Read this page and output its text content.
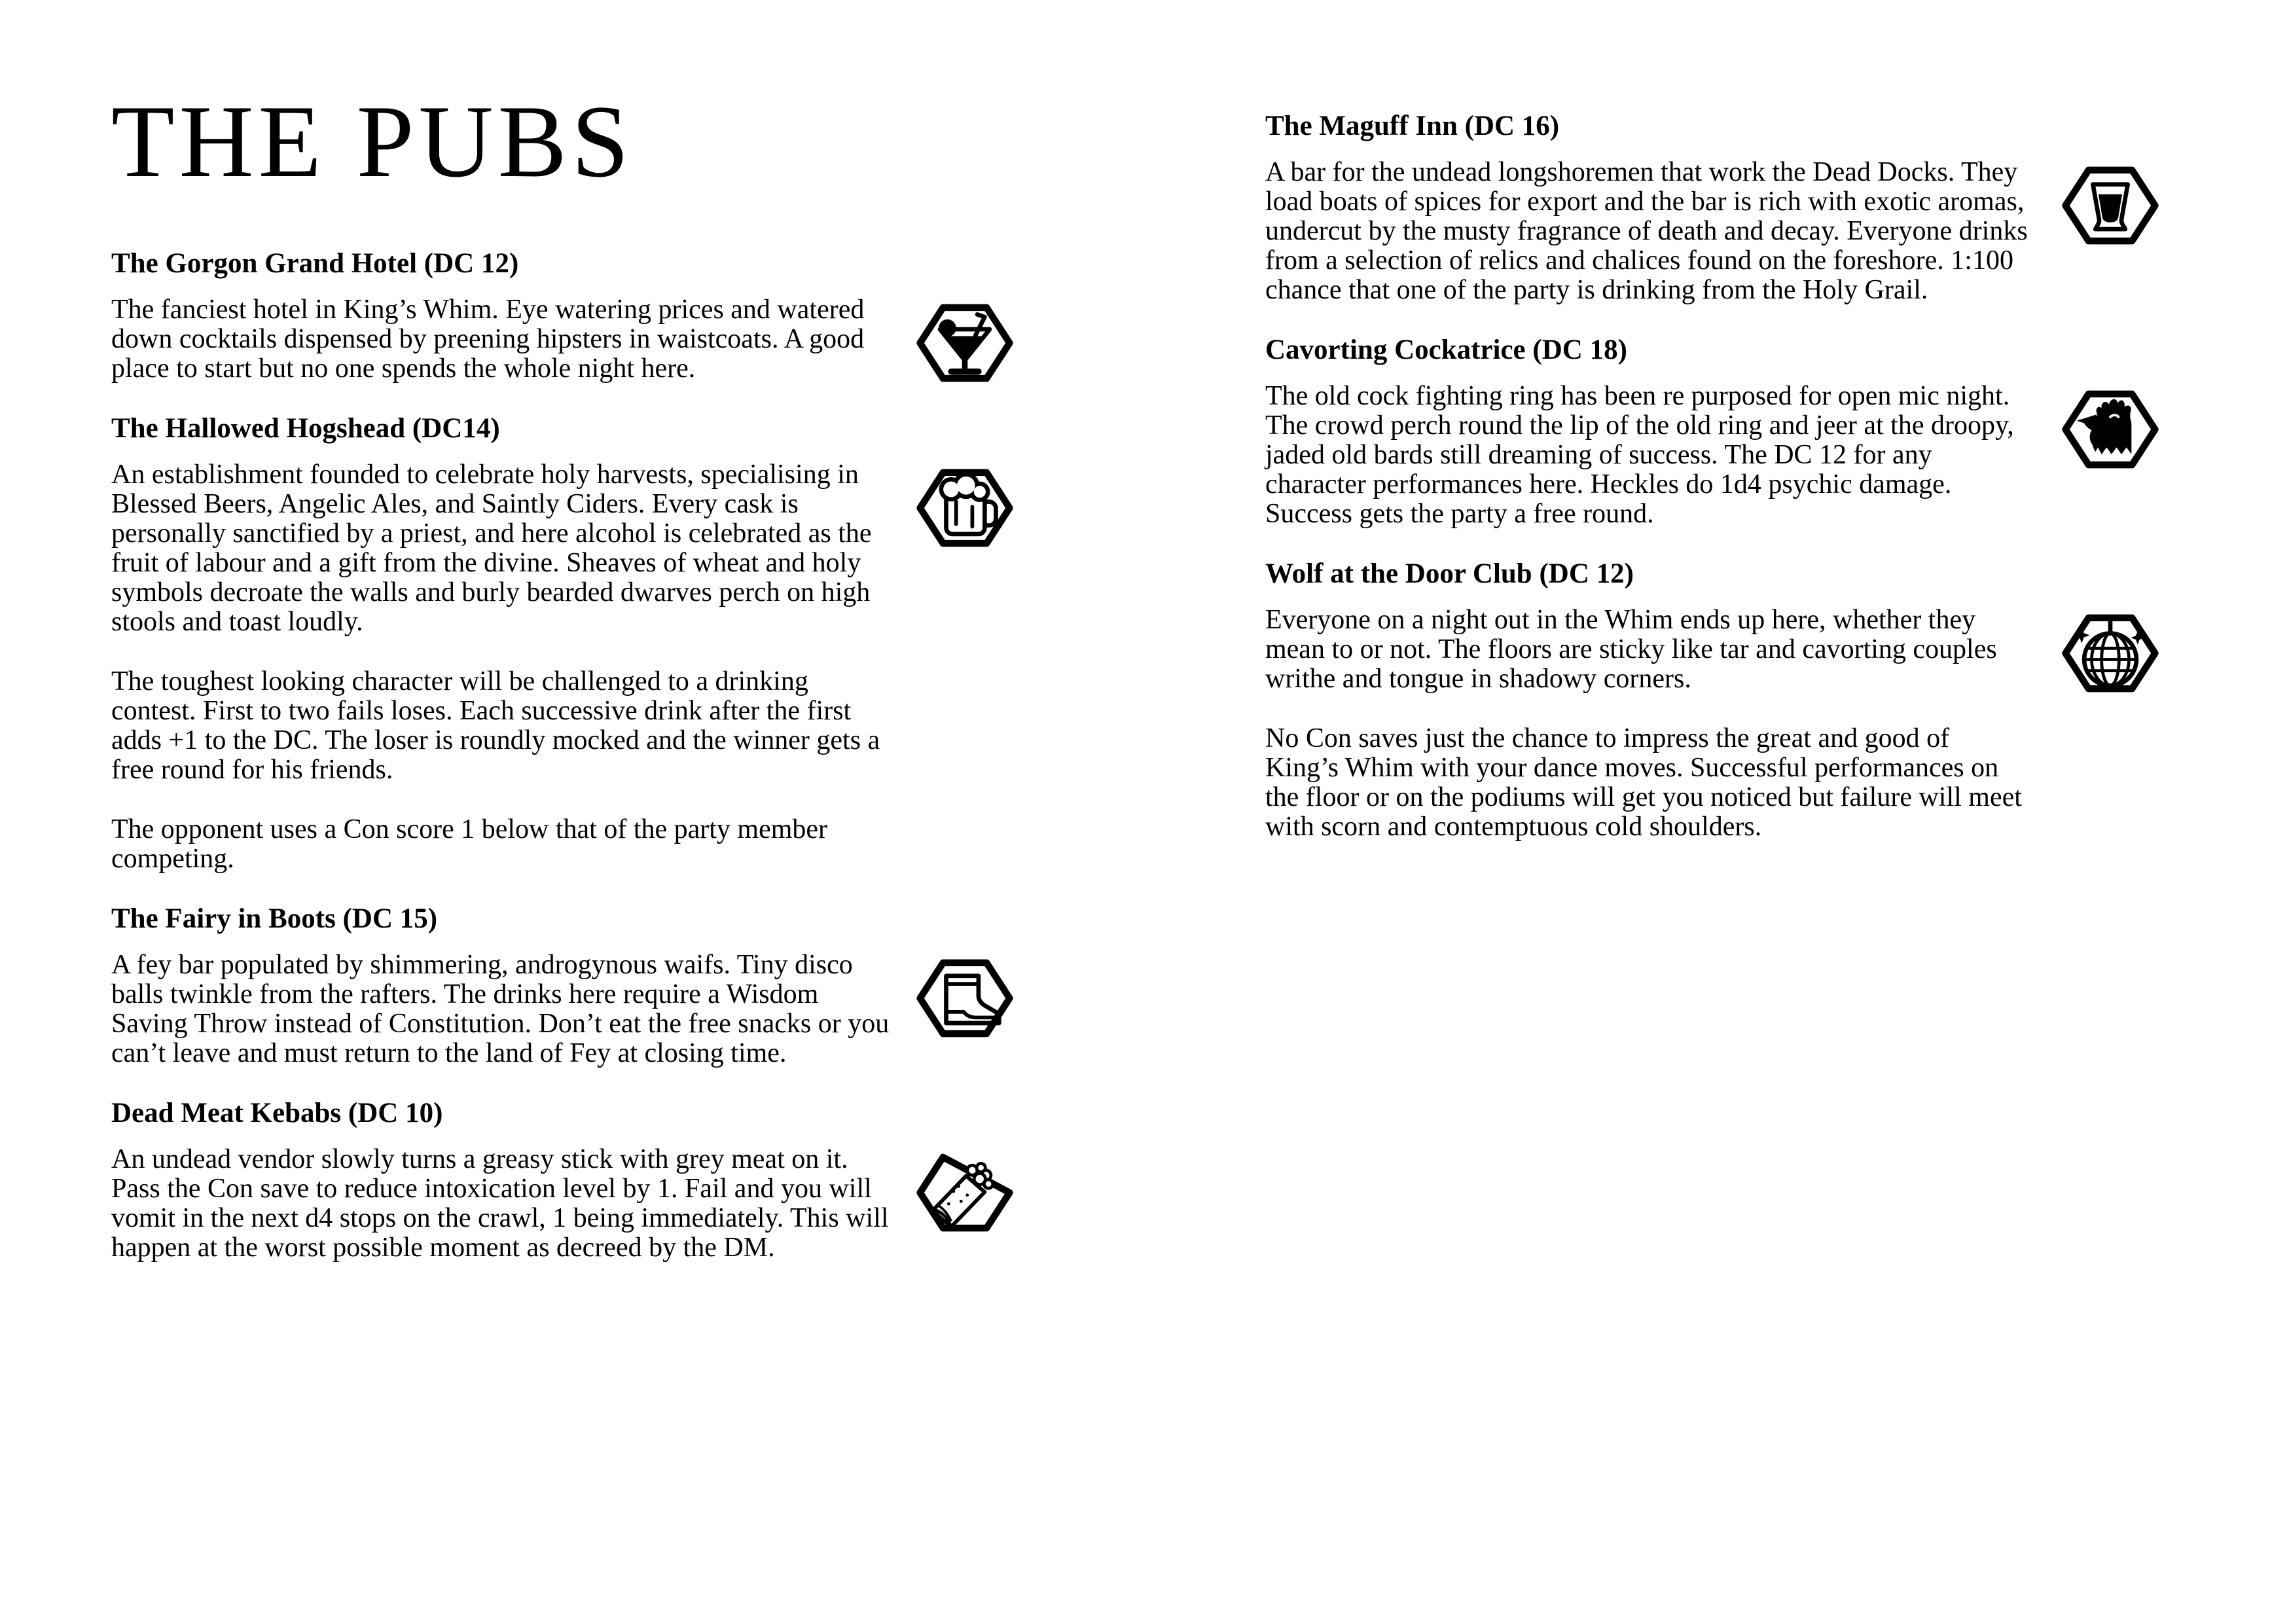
THE PUBS
The Gorgon Grand Hotel (DC 12)

The fanciest hotel in King’s Whim. Eye watering prices and watered down cocktails dispensed by preening hipsters in waistcoats. A good place to start but no one spends the whole night here.

The Hallowed Hogshead (DC14)

An establishment founded to celebrate holy harvests, specialising in Blessed Beers, Angelic Ales, and Saintly Ciders. Every cask is personally sanctified by a priest, and here alcohol is celebrated as the fruit of labour and a gift from the divine. Sheaves of wheat and holy symbols decroate the walls and burly bearded dwarves perch on high stools and toast loudly.

The toughest looking character will be challenged to a drinking contest. First to two fails loses. Each successive drink after the first adds +1 to the DC. The loser is roundly mocked and the winner gets a free round for his friends.

The opponent uses a Con score 1 below that of the party member competing.

The Fairy in Boots (DC 15)

A fey bar populated by shimmering, androgynous waifs. Tiny disco balls twinkle from the rafters. The drinks here require a Wisdom Saving Throw instead of Constitution. Don’t eat the free snacks or you can’t leave and must return to the land of Fey at closing time.

Dead Meat Kebabs (DC 10)

An undead vendor slowly turns a greasy stick with grey meat on it. Pass the Con save to reduce intoxication level by 1. Fail and you will vomit in the next d4 stops on the crawl, 1 being immediately. This will happen at the worst possible moment as decreed by the DM.

The Maguff Inn (DC 16)

A bar for the undead longshoremen that work the Dead Docks. They load boats of spices for export and the bar is rich with exotic aromas, undercut by the musty fragrance of death and decay. Everyone drinks from a selection of relics and chalices found on the foreshore. 1:100 chance that one of the party is drinking from the Holy Grail.

Cavorting Cockatrice (DC 18)

The old cock fighting ring has been re purposed for open mic night. The crowd perch round the lip of the old ring and jeer at the droopy, jaded old bards still dreaming of success. The DC 12 for any character performances here. Heckles do 1d4 psychic damage. Success gets the party a free round.

Wolf at the Door Club (DC 12)

Everyone on a night out in the Whim ends up here, whether they mean to or not. The floors are sticky like tar and cavorting couples writhe and tongue in shadowy corners.

No Con saves just the chance to impress the great and good of King’s Whim with your dance moves. Successful performances on the floor or on the podiums will get you noticed but failure will meet with scorn and contemptuous cold shoulders.
